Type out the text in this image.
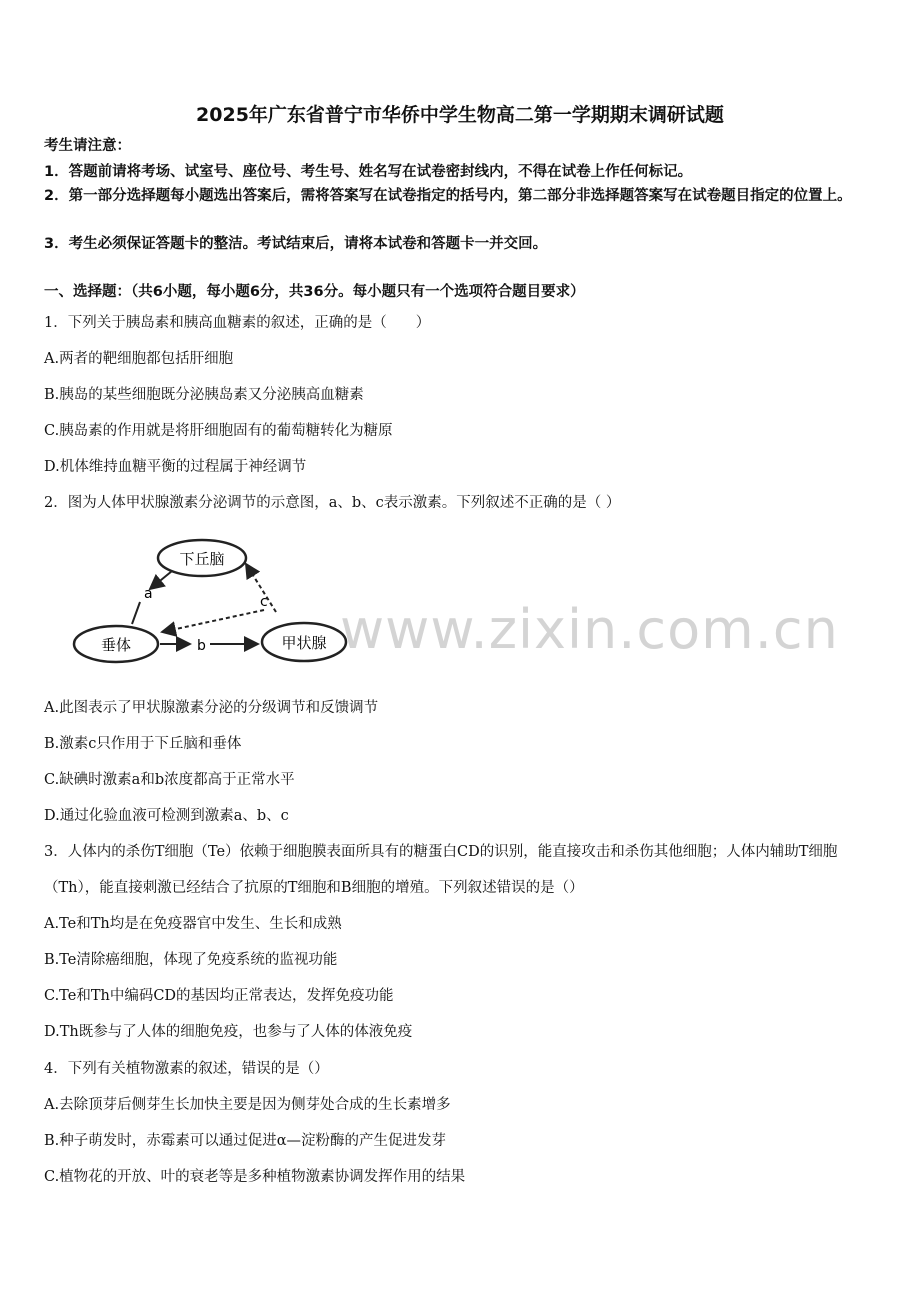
2025年广东省普宁市华侨中学生物高二第一学期期末调研试题
考生请注意：
1．答题前请将考场、试室号、座位号、考生号、姓名写在试卷密封线内，不得在试卷上作任何标记。
2．第一部分选择题每小题选出答案后，需将答案写在试卷指定的括号内，第二部分非选择题答案写在试卷题目指定的位置上。
3．考生必须保证答题卡的整洁。考试结束后，请将本试卷和答题卡一并交回。
一、选择题：（共6小题，每小题6分，共36分。每小题只有一个选项符合题目要求）
1．下列关于胰岛素和胰高血糖素的叙述，正确的是（　　）
A.两者的靶细胞都包括肝细胞
B.胰岛的某些细胞既分泌胰岛素又分泌胰高血糖素
C.胰岛素的作用就是将肝细胞固有的葡萄糖转化为糖原
D.机体维持血糖平衡的过程属于神经调节
2．图为人体甲状腺激素分泌调节的示意图，a、b、c表示激素。下列叙述不正确的是（ ）
下丘脑
垂体	甲状腺
a
b
c www.zixin.com.cn
A.此图表示了甲状腺激素分泌的分级调节和反馈调节
B.激素c只作用于下丘脑和垂体
C.缺碘时激素a和b浓度都高于正常水平
D.通过化验血液可检测到激素a、b、c
3．人体内的杀伤T细胞（Te）依赖于细胞膜表面所具有的糖蛋白CD的识别，能直接攻击和杀伤其他细胞；人体内辅助T细胞（Th），能直接刺激已经结合了抗原的T细胞和B细胞的增殖。下列叙述错误的是（）
A.Te和Th均是在免疫器官中发生、生长和成熟
B.Te清除癌细胞，体现了免疫系统的监视功能
C.Te和Th中编码CD的基因均正常表达，发挥免疫功能
D.Th既参与了人体的细胞免疫，也参与了人体的体液免疫
4．下列有关植物激素的叙述，错误的是（）
A.去除顶芽后侧芽生长加快主要是因为侧芽处合成的生长素增多
B.种子萌发时，赤霉素可以通过促进α—淀粉酶的产生促进发芽
C.植物花的开放、叶的衰老等是多种植物激素协调发挥作用的结果
